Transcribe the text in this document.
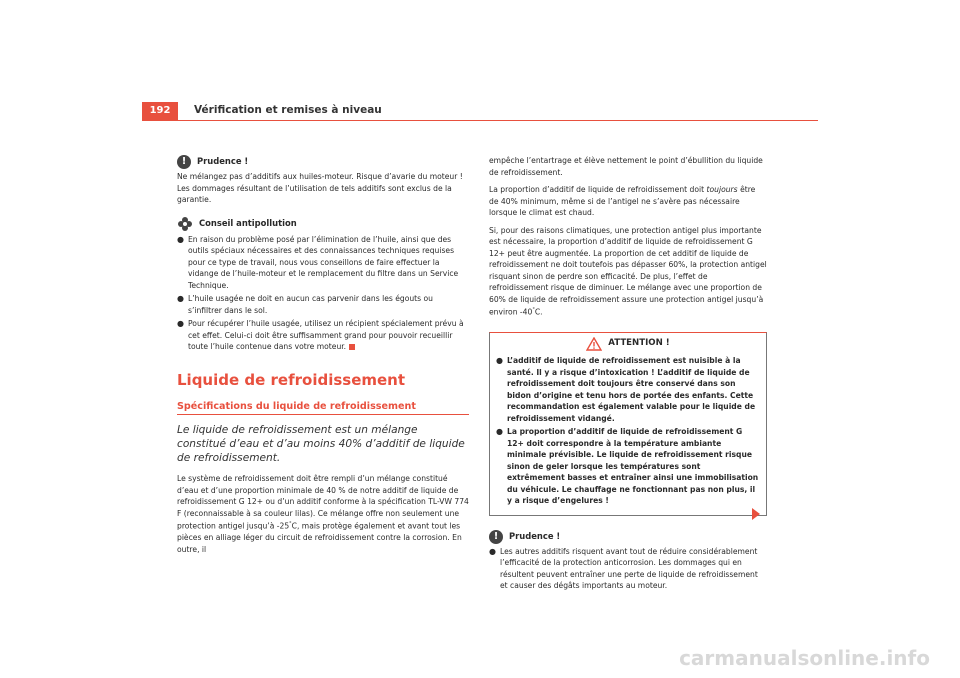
192	Vérification et remises à niveau
!	Prudence !

Ne mélangez pas d’additifs aux huiles-moteur. Risque d’avarie du moteur ! Les dommages résultant de l’utilisation de tels additifs sont exclus de la garantie.

Conseil antipollution
● En raison du problème posé par l’élimination de l’huile, ainsi que des outils spéciaux nécessaires et des connaissances techniques requises pour ce type de travail, nous vous conseillons de faire effectuer la vidange de l’huile-moteur et le remplacement du filtre dans un Service Technique.
● L’huile usagée ne doit en aucun cas parvenir dans les égouts ou s’infiltrer dans le sol.
● Pour récupérer l’huile usagée, utilisez un récipient spécialement prévu à cet effet. Celui-ci doit être suffisamment grand pour pouvoir recueillir toute l’huile contenue dans votre moteur.
Liquide de refroidissement
Spécifications du liquide de refroidissement
Le liquide de refroidissement est un mélange constitué d’eau et d’au moins 40% d’additif de liquide de refroidissement.

Le système de refroidissement doit être rempli d’un mélange constitué d’eau et d’une proportion minimale de 40 % de notre additif de liquide de refroidissement G 12+ ou d’un additif conforme à la spécification TL-VW 774 F (reconnaissable à sa couleur lilas). Ce mélange offre non seulement une protection antigel jusqu’à -25°C, mais protège également et avant tout les pièces en alliage léger du circuit de refroidissement contre la corrosion. En outre, il

empêche l’entartrage et élève nettement le point d’ébullition du liquide de refroidissement.

La proportion d’additif de liquide de refroidissement doit toujours être de 40% minimum, même si de l’antigel ne s’avère pas nécessaire lorsque le climat est chaud.

Si, pour des raisons climatiques, une protection antigel plus importante est nécessaire, la proportion d’additif de liquide de refroidissement G 12+ peut être augmentée. La proportion de cet additif de liquide de refroidissement ne doit toutefois pas dépasser 60%, la protection antigel risquant sinon de perdre son efficacité. De plus, l’effet de refroidissement risque de diminuer. Le mélange avec une proportion de 60% de liquide de refroidissement assure une protection antigel jusqu’à environ -40°C.

ATTENTION !
● L’additif de liquide de refroidissement est nuisible à la santé. Il y a risque d’intoxication ! L’additif de liquide de refroidissement doit toujours être conservé dans son bidon d’origine et tenu hors de portée des enfants. Cette recommandation est également valable pour le liquide de refroidissement vidangé.
● La proportion d’additif de liquide de refroidissement G 12+ doit correspondre à la température ambiante minimale prévisible. Le liquide de refroidissement risque sinon de geler lorsque les températures sont extrêmement basses et entraîner ainsi une immobilisation du véhicule. Le chauffage ne fonctionnant pas non plus, il y a risque d’engelures !
!	Prudence !
● Les autres additifs risquent avant tout de réduire considérablement l’efficacité de la protection anticorrosion. Les dommages qui en résultent peuvent entraîner une perte de liquide de refroidissement et causer des dégâts importants au moteur.
carmanualsonline.info
